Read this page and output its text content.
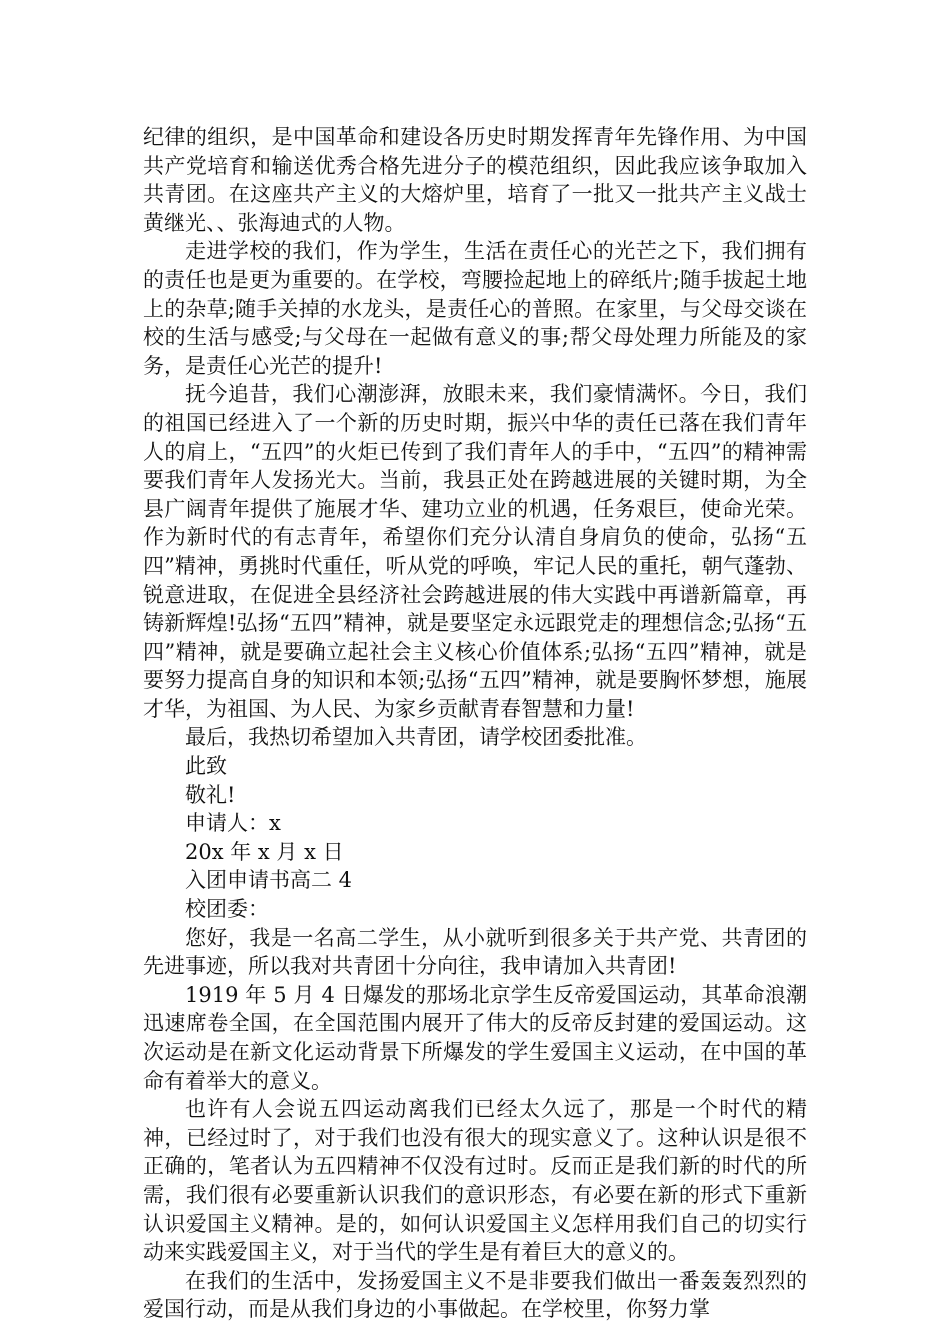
纪律的组织，是中国革命和建设各历史时期发挥青年先锋作用、为中国共产党培育和输送优秀合格先进分子的模范组织，因此我应该争取加入共青团。在这座共产主义的大熔炉里，培育了一批又一批共产主义战士黄继光、、张海迪式的人物。

走进学校的我们，作为学生，生活在责任心的光芒之下，我们拥有的责任也是更为重要的。在学校，弯腰捡起地上的碎纸片;随手拔起土地上的杂草;随手关掉的水龙头，是责任心的普照。在家里，与父母交谈在校的生活与感受;与父母在一起做有意义的事;帮父母处理力所能及的家务，是责任心光芒的提升!

抚今追昔，我们心潮澎湃，放眼未来，我们豪情满怀。今日，我们的祖国已经进入了一个新的历史时期，振兴中华的责任已落在我们青年人的肩上，“五四”的火炬已传到了我们青年人的手中，“五四”的精神需要我们青年人发扬光大。当前，我县正处在跨越进展的关键时期，为全县广阔青年提供了施展才华、建功立业的机遇，任务艰巨，使命光荣。作为新时代的有志青年，希望你们充分认清自身肩负的使命，弘扬“五四”精神，勇挑时代重任，听从党的呼唤，牢记人民的重托，朝气蓬勃、锐意进取，在促进全县经济社会跨越进展的伟大实践中再谱新篇章，再铸新辉煌!弘扬“五四”精神，就是要坚定永远跟党走的理想信念;弘扬“五四”精神，就是要确立起社会主义核心价值体系;弘扬“五四”精神，就是要努力提高自身的知识和本领;弘扬“五四”精神，就是要胸怀梦想，施展才华，为祖国、为人民、为家乡贡献青春智慧和力量!

最后，我热切希望加入共青团，请学校团委批准。

此致

敬礼!

申请人：x

20x 年 x 月 x 日

入团申请书高二 4

校团委：

您好，我是一名高二学生，从小就听到很多关于共产党、共青团的先进事迹，所以我对共青团十分向往，我申请加入共青团!

1919 年 5 月 4 日爆发的那场北京学生反帝爱国运动，其革命浪潮迅速席卷全国，在全国范围内展开了伟大的反帝反封建的爱国运动。这次运动是在新文化运动背景下所爆发的学生爱国主义运动，在中国的革命有着举大的意义。

也许有人会说五四运动离我们已经太久远了，那是一个时代的精神，已经过时了，对于我们也没有很大的现实意义了。这种认识是很不正确的，笔者认为五四精神不仅没有过时。反而正是我们新的时代的所需，我们很有必要重新认识我们的意识形态，有必要在新的形式下重新认识爱国主义精神。是的，如何认识爱国主义怎样用我们自己的切实行动来实践爱国主义，对于当代的学生是有着巨大的意义的。

在我们的生活中，发扬爱国主义不是非要我们做出一番轰轰烈烈的爱国行动，而是从我们身边的小事做起。在学校里，你努力掌
